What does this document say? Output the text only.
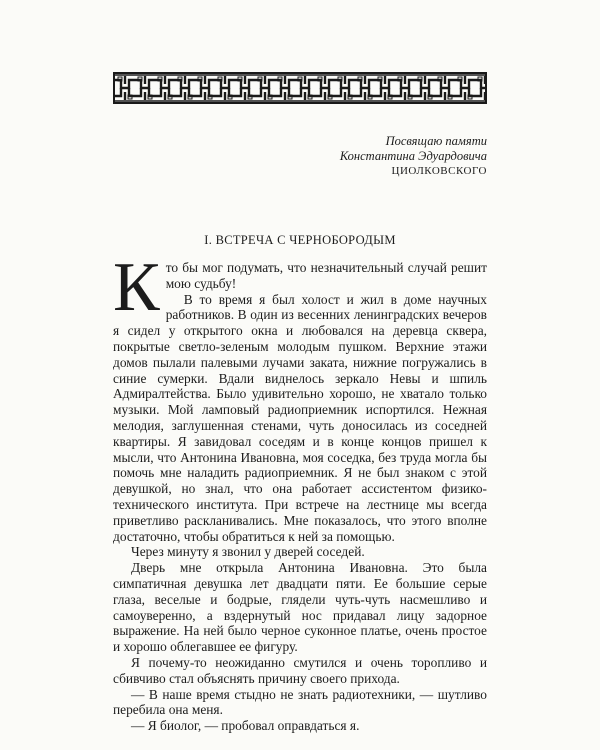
Посвящаю памяти
Константина Эдуардовича
ЦИОЛКОВСКОГО
I. ВСТРЕЧА С ЧЕРНОБОРОДЫМ
К то бы мог подумать, что незначительный случай решит мою судьбу!

В то время я был холост и жил в доме научных работников. В один из весенних ленинградских вечеров я сидел у открытого окна и любовался на деревца сквера, покрытые светло-зеленым молодым пушком. Верхние этажи домов пылали палевыми лучами заката, нижние погружались в синие сумерки. Вдали виднелось зеркало Невы и шпиль Адмиралтейства. Было удивительно хорошо, не хватало только музыки. Мой ламповый радиоприемник испортился. Нежная мелодия, заглушенная стенами, чуть доносилась из соседней квартиры. Я завидовал соседям и в конце концов пришел к мысли, что Антонина Ивановна, моя соседка, без труда могла бы помочь мне наладить радиоприемник. Я не был знаком с этой девушкой, но знал, что она работает ассистентом физико-технического института. При встрече на лестнице мы всегда приветливо раскланивались. Мне показалось, что этого вполне достаточно, чтобы обратиться к ней за помощью.

Через минуту я звонил у дверей соседей.

Дверь мне открыла Антонина Ивановна. Это была симпатичная девушка лет двадцати пяти. Ее большие серые глаза, веселые и бодрые, глядели чуть-чуть насмешливо и самоуверенно, а вздернутый нос придавал лицу задорное выражение. На ней было черное суконное платье, очень простое и хорошо облегавшее ее фигуру.

Я почему-то неожиданно смутился и очень торопливо и сбивчиво стал объяснять причину своего прихода.

— В наше время стыдно не знать радиотехники, — шутливо перебила она меня.

— Я биолог, — пробовал оправдаться я.
